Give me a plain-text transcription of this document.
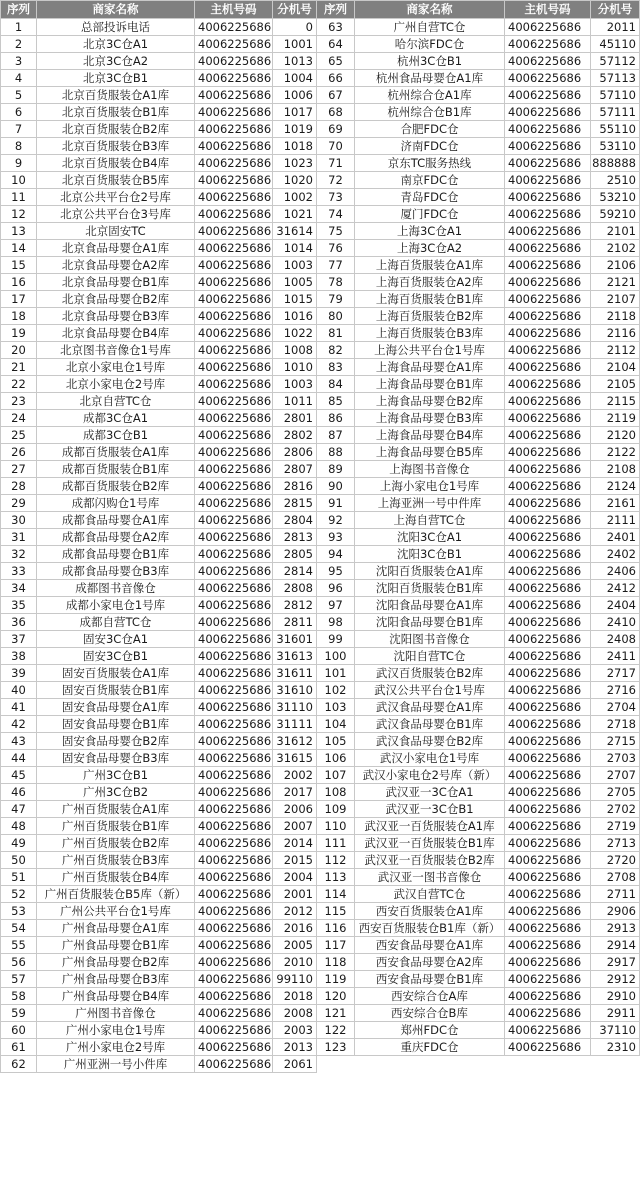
序列	商家名称	主机号码	分机号
1	总部投诉电话	4006225686	0
2	北京3C仓A1	4006225686	1001
3	北京3C仓A2	4006225686	1013
4	北京3C仓B1	4006225686	1004
5	北京百货服装仓A1库	4006225686	1006
6	北京百货服装仓B1库	4006225686	1017
7	北京百货服装仓B2库	4006225686	1019
8	北京百货服装仓B3库	4006225686	1018
9	北京百货服装仓B4库	4006225686	1023
10	北京百货服装仓B5库	4006225686	1020
11	北京公共平台仓2号库	4006225686	1002
12	北京公共平台仓3号库	4006225686	1021
13	北京固安TC	4006225686	31614
14	北京食品母婴仓A1库	4006225686	1014
15	北京食品母婴仓A2库	4006225686	1003
16	北京食品母婴仓B1库	4006225686	1005
17	北京食品母婴仓B2库	4006225686	1015
18	北京食品母婴仓B3库	4006225686	1016
19	北京食品母婴仓B4库	4006225686	1022
20	北京图书音像仓1号库	4006225686	1008
21	北京小家电仓1号库	4006225686	1010
22	北京小家电仓2号库	4006225686	1003
23	北京自营TC仓	4006225686	1011
24	成都3C仓A1	4006225686	2801
25	成都3C仓B1	4006225686	2802
26	成都百货服装仓A1库	4006225686	2806
27	成都百货服装仓B1库	4006225686	2807
28	成都百货服装仓B2库	4006225686	2816
29	成都闪购仓1号库	4006225686	2815
30	成都食品母婴仓A1库	4006225686	2804
31	成都食品母婴仓A2库	4006225686	2813
32	成都食品母婴仓B1库	4006225686	2805
33	成都食品母婴仓B3库	4006225686	2814
34	成都图书音像仓	4006225686	2808
35	成都小家电仓1号库	4006225686	2812
36	成都自营TC仓	4006225686	2811
37	固安3C仓A1	4006225686	31601
38	固安3C仓B1	4006225686	31613
39	固安百货服装仓A1库	4006225686	31611
40	固安百货服装仓B1库	4006225686	31610
41	固安食品母婴仓A1库	4006225686	31110
42	固安食品母婴仓B1库	4006225686	31111
43	固安食品母婴仓B2库	4006225686	31612
44	固安食品母婴仓B3库	4006225686	31615
45	广州3C仓B1	4006225686	2002
46	广州3C仓B2	4006225686	2017
47	广州百货服装仓A1库	4006225686	2006
48	广州百货服装仓B1库	4006225686	2007
49	广州百货服装仓B2库	4006225686	2014
50	广州百货服装仓B3库	4006225686	2015
51	广州百货服装仓B4库	4006225686	2004
52	广州百货服装仓B5库（新）	4006225686	2001
53	广州公共平台仓1号库	4006225686	2012
54	广州食品母婴仓A1库	4006225686	2016
55	广州食品母婴仓B1库	4006225686	2005
56	广州食品母婴仓B2库	4006225686	2010
57	广州食品母婴仓B3库	4006225686	99110
58	广州食品母婴仓B4库	4006225686	2018
59	广州图书音像仓	4006225686	2008
60	广州小家电仓1号库	4006225686	2003
61	广州小家电仓2号库	4006225686	2013
62	广州亚洲一号小件库	4006225686	2061
序列	商家名称	主机号码	分机号
63	广州自营TC仓	4006225686	2011
64	哈尔滨FDC仓	4006225686	45110
65	杭州3C仓B1	4006225686	57112
66	杭州食品母婴仓A1库	4006225686	57113
67	杭州综合仓A1库	4006225686	57110
68	杭州综合仓B1库	4006225686	57111
69	合肥FDC仓	4006225686	55110
70	济南FDC仓	4006225686	53110
71	京东TC服务热线	4006225686	888888
72	南京FDC仓	4006225686	2510
73	青岛FDC仓	4006225686	53210
74	厦门FDC仓	4006225686	59210
75	上海3C仓A1	4006225686	2101
76	上海3C仓A2	4006225686	2102
77	上海百货服装仓A1库	4006225686	2106
78	上海百货服装仓A2库	4006225686	2121
79	上海百货服装仓B1库	4006225686	2107
80	上海百货服装仓B2库	4006225686	2118
81	上海百货服装仓B3库	4006225686	2116
82	上海公共平台仓1号库	4006225686	2112
83	上海食品母婴仓A1库	4006225686	2104
84	上海食品母婴仓B1库	4006225686	2105
85	上海食品母婴仓B2库	4006225686	2115
86	上海食品母婴仓B3库	4006225686	2119
87	上海食品母婴仓B4库	4006225686	2120
88	上海食品母婴仓B5库	4006225686	2122
89	上海图书音像仓	4006225686	2108
90	上海小家电仓1号库	4006225686	2124
91	上海亚洲一号中件库	4006225686	2161
92	上海自营TC仓	4006225686	2111
93	沈阳3C仓A1	4006225686	2401
94	沈阳3C仓B1	4006225686	2402
95	沈阳百货服装仓A1库	4006225686	2406
96	沈阳百货服装仓B1库	4006225686	2412
97	沈阳食品母婴仓A1库	4006225686	2404
98	沈阳食品母婴仓B1库	4006225686	2410
99	沈阳图书音像仓	4006225686	2408
100	沈阳自营TC仓	4006225686	2411
101	武汉百货服装仓B2库	4006225686	2717
102	武汉公共平台仓1号库	4006225686	2716
103	武汉食品母婴仓A1库	4006225686	2704
104	武汉食品母婴仓B1库	4006225686	2718
105	武汉食品母婴仓B2库	4006225686	2715
106	武汉小家电仓1号库	4006225686	2703
107	武汉小家电仓2号库（新）	4006225686	2707
108	武汉亚一3C仓A1	4006225686	2705
109	武汉亚一3C仓B1	4006225686	2702
110	武汉亚一百货服装仓A1库	4006225686	2719
111	武汉亚一百货服装仓B1库	4006225686	2713
112	武汉亚一百货服装仓B2库	4006225686	2720
113	武汉亚一图书音像仓	4006225686	2708
114	武汉自营TC仓	4006225686	2711
115	西安百货服装仓A1库	4006225686	2906
116	西安百货服装仓B1库（新）	4006225686	2913
117	西安食品母婴仓A1库	4006225686	2914
118	西安食品母婴仓A2库	4006225686	2917
119	西安食品母婴仓B1库	4006225686	2912
120	西安综合仓A库	4006225686	2910
121	西安综合仓B库	4006225686	2911
122	郑州FDC仓	4006225686	37110
123	重庆FDC仓	4006225686	2310
